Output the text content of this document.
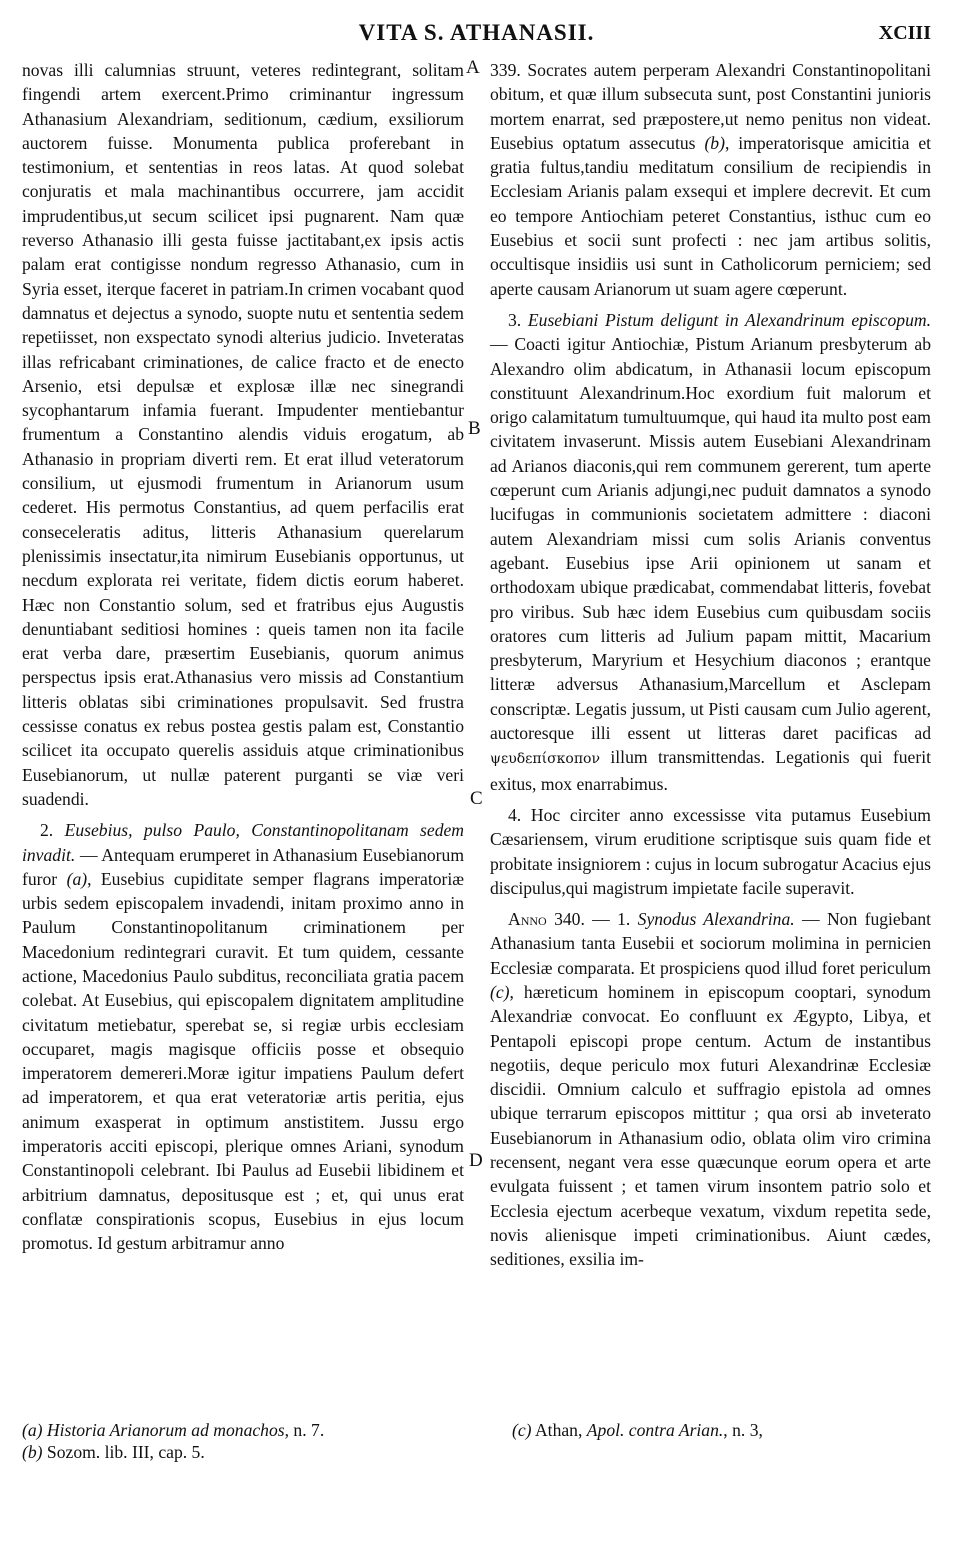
VITA S. ATHANASII.	XCIII
A
B
C
D

novas illi calumnias struunt, veteres redintegrant, solitam fingendi artem exercent.Primo criminantur ingressum Athanasium Alexandriam, seditionum, cædium, exsiliorum auctorem fuisse. Monumenta publica proferebant in testimonium, et sententias in reos latas. At quod solebat conjuratis et mala machinantibus occurrere, jam accidit imprudentibus,ut secum scilicet ipsi pugnarent. Nam quæ reverso Athanasio illi gesta fuisse jactitabant,ex ipsis actis palam erat contigisse nondum regresso Athanasio, cum in Syria esset, iterque faceret in patriam.In crimen vocabant quod damnatus et dejectus a synodo, suopte nutu et sententia sedem repetiisset, non exspectato synodi alterius judicio. Inveteratas illas refricabant criminationes, de calice fracto et de enecto Arsenio, etsi depulsæ et explosæ illæ nec sinegrandi sycophantarum infamia fuerant. Impudenter mentiebantur frumentum a Constantino alendis viduis erogatum, ab Athanasio in propriam diverti rem. Et erat illud veteratorum consilium, ut ejusmodi frumentum in Arianorum usum cederet. His permotus Constantius, ad quem perfacilis erat conseceleratis aditus, litteris Athanasium querelarum plenissimis insectatur,ita nimirum Eusebianis opportunus, ut necdum explorata rei veritate, fidem dictis eorum haberet. Hæc non Constantio solum, sed et fratribus ejus Augustis denuntiabant seditiosi homines : queis tamen non ita facile erat verba dare, præsertim Eusebianis, quorum animus perspectus ipsis erat.Athanasius vero missis ad Constantium litteris oblatas sibi criminationes propulsavit. Sed frustra cessisse conatus ex rebus postea gestis palam est, Constantio scilicet ita occupato querelis assiduis atque criminationibus Eusebianorum, ut nullæ paterent purganti se viæ veri suadendi.

2. Eusebius, pulso Paulo, Constantinopolitanam sedem invadit. — Antequam erumperet in Athanasium Eusebianorum furor (a), Eusebius cupiditate semper flagrans imperatoriæ urbis sedem episcopalem invadendi, initam proximo anno in Paulum Constantinopolitanum criminationem per Macedonium redintegrari curavit. Et tum quidem, cessante actione, Macedonius Paulo subditus, reconciliata gratia pacem colebat. At Eusebius, qui episcopalem dignitatem amplitudine civitatum metiebatur, sperebat se, si regiæ urbis ecclesiam occuparet, magis magisque officiis posse et obsequio imperatorem demereri.Moræ igitur impatiens Paulum defert ad imperatorem, et qua erat veteratoriæ artis peritia, ejus animum exasperat in optimum anstistitem. Jussu ergo imperatoris acciti episcopi, plerique omnes Ariani, synodum Constantinopoli celebrant. Ibi Paulus ad Eusebii libidinem et arbitrium damnatus, depositusque est ; et, qui unus erat conflatæ conspirationis scopus, Eusebius in ejus locum promotus. Id gestum arbitramur anno

339. Socrates autem perperam Alexandri Constantinopolitani obitum, et quæ illum subsecuta sunt, post Constantini junioris mortem enarrat, sed præpostere,ut nemo penitus non videat. Eusebius optatum assecutus (b), imperatorisque amicitia et gratia fultus,tandiu meditatum consilium de recipiendis in Ecclesiam Arianis palam exsequi et implere decrevit. Et cum eo tempore Antiochiam peteret Constantius, isthuc cum eo Eusebius et socii sunt profecti : nec jam artibus solitis, occultisque insidiis usi sunt in Catholicorum perniciem; sed aperte causam Arianorum ut suam agere cœperunt.

3. Eusebiani Pistum deligunt in Alexandrinum episcopum. — Coacti igitur Antiochiæ, Pistum Arianum presbyterum ab Alexandro olim abdicatum, in Athanasii locum episcopum constituunt Alexandrinum.Hoc exordium fuit malorum et origo calamitatum tumultuumque, qui haud ita multo post eam civitatem invaserunt. Missis autem Eusebiani Alexandrinam ad Arianos diaconis,qui rem communem gererent, tum aperte cœperunt cum Arianis adjungi,nec puduit damnatos a synodo lucifugas in communionis societatem admittere : diaconi autem Alexandriam missi cum solis Arianis conventus agebant. Eusebius ipse Arii opinionem ut sanam et orthodoxam ubique prædicabat, commendabat litteris, fovebat pro viribus. Sub hæc idem Eusebius cum quibusdam sociis oratores cum litteris ad Julium papam mittit, Macarium presbyterum, Maryrium et Hesychium diaconos ; erantque litteræ adversus Athanasium,Marcellum et Asclepam conscriptæ. Legatis jussum, ut Pisti causam cum Julio agerent, auctoresque illi essent ut litteras daret pacificas ad ψευδεπίσκοπον illum transmittendas. Legationis qui fuerit exitus, mox enarrabimus.

4. Hoc circiter anno excessisse vita putamus Eusebium Cæsariensem, virum eruditione scriptisque suis quam fide et probitate insigniorem : cujus in locum subrogatur Acacius ejus discipulus,qui magistrum impietate facile superavit.

Anno 340. — 1. Synodus Alexandrina. — Non fugiebant Athanasium tanta Eusebii et sociorum molimina in pernicien Ecclesiæ comparata. Et prospiciens quod illud foret periculum (c), hæreticum hominem in episcopum cooptari, synodum Alexandriæ convocat. Eo confluunt ex Ægypto, Libya, et Pentapoli episcopi prope centum. Actum de instantibus negotiis, deque periculo mox futuri Alexandrinæ Ecclesiæ discidii. Omnium calculo et suffragio epistola ad omnes ubique terrarum episcopos mittitur ; qua orsi ab inveterato Eusebianorum in Athanasium odio, oblata olim viro crimina recensent, negant vera esse quæcunque eorum opera et arte evulgata fuissent ; et tamen virum insontem patrio solo et Ecclesia ejectum acerbeque vexatum, vixdum repetita sede, novis alienisque impeti criminationibus. Aiunt cædes, seditiones, exsilia im-

(a) Historia Arianorum ad monachos, n. 7.
(b) Sozom. lib. III, cap. 5.
(c) Athan, Apol. contra Arian., n. 3,
